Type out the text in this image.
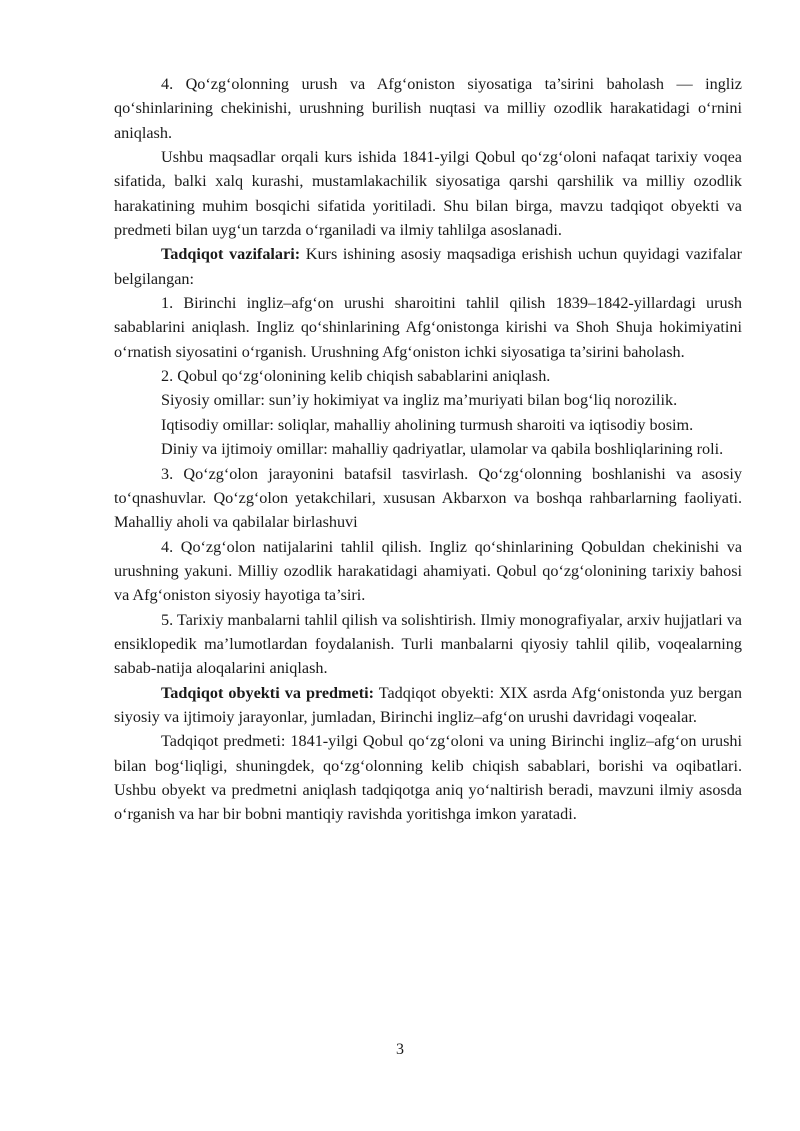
4. Qo‘zg‘olonning urush va Afg‘oniston siyosatiga ta’sirini baholash — ingliz qo‘shinlarining chekinishi, urushning burilish nuqtasi va milliy ozodlik harakatidagi o‘rnini aniqlash.

Ushbu maqsadlar orqali kurs ishida 1841-yilgi Qobul qo‘zg‘oloni nafaqat tarixiy voqea sifatida, balki xalq kurashi, mustamlakachilik siyosatiga qarshi qarshilik va milliy ozodlik harakatining muhim bosqichi sifatida yoritiladi. Shu bilan birga, mavzu tadqiqot obyekti va predmeti bilan uyg‘un tarzda o‘rganiladi va ilmiy tahlilga asoslanadi.

Tadqiqot vazifalari: Kurs ishining asosiy maqsadiga erishish uchun quyidagi vazifalar belgilangan:

1. Birinchi ingliz–afg‘on urushi sharoitini tahlil qilish 1839–1842-yillardagi urush sabablarini aniqlash. Ingliz qo‘shinlarining Afg‘onistonga kirishi va Shoh Shuja hokimiyatini o‘rnatish siyosatini o‘rganish. Urushning Afg‘oniston ichki siyosatiga ta’sirini baholash.

2. Qobul qo‘zg‘olonining kelib chiqish sabablarini aniqlash.

Siyosiy omillar: sun’iy hokimiyat va ingliz ma’muriyati bilan bog‘liq norozilik.

Iqtisodiy omillar: soliqlar, mahalliy aholining turmush sharoiti va iqtisodiy bosim.

Diniy va ijtimoiy omillar: mahalliy qadriyatlar, ulamolar va qabila boshliqlarining roli.

3. Qo‘zg‘olon jarayonini batafsil tasvirlash. Qo‘zg‘olonning boshlanishi va asosiy to‘qnashuvlar. Qo‘zg‘olon yetakchilari, xususan Akbarxon va boshqa rahbarlarning faoliyati. Mahalliy aholi va qabilalar birlashuvi

4. Qo‘zg‘olon natijalarini tahlil qilish. Ingliz qo‘shinlarining Qobuldan chekinishi va urushning yakuni. Milliy ozodlik harakatidagi ahamiyati. Qobul qo‘zg‘olonining tarixiy bahosi va Afg‘oniston siyosiy hayotiga ta’siri.

5. Tarixiy manbalarni tahlil qilish va solishtirish. Ilmiy monografiyalar, arxiv hujjatlari va ensiklopedik ma’lumotlardan foydalanish. Turli manbalarni qiyosiy tahlil qilib, voqealarning sabab-natija aloqalarini aniqlash.

Tadqiqot obyekti va predmeti: Tadqiqot obyekti: XIX asrda Afg‘onistonda yuz bergan siyosiy va ijtimoiy jarayonlar, jumladan, Birinchi ingliz–afg‘on urushi davridagi voqealar.

Tadqiqot predmeti: 1841-yilgi Qobul qo‘zg‘oloni va uning Birinchi ingliz–afg‘on urushi bilan bog‘liqligi, shuningdek, qo‘zg‘olonning kelib chiqish sabablari, borishi va oqibatlari. Ushbu obyekt va predmetni aniqlash tadqiqotga aniq yo‘naltirish beradi, mavzuni ilmiy asosda o‘rganish va har bir bobni mantiqiy ravishda yoritishga imkon yaratadi.

3
